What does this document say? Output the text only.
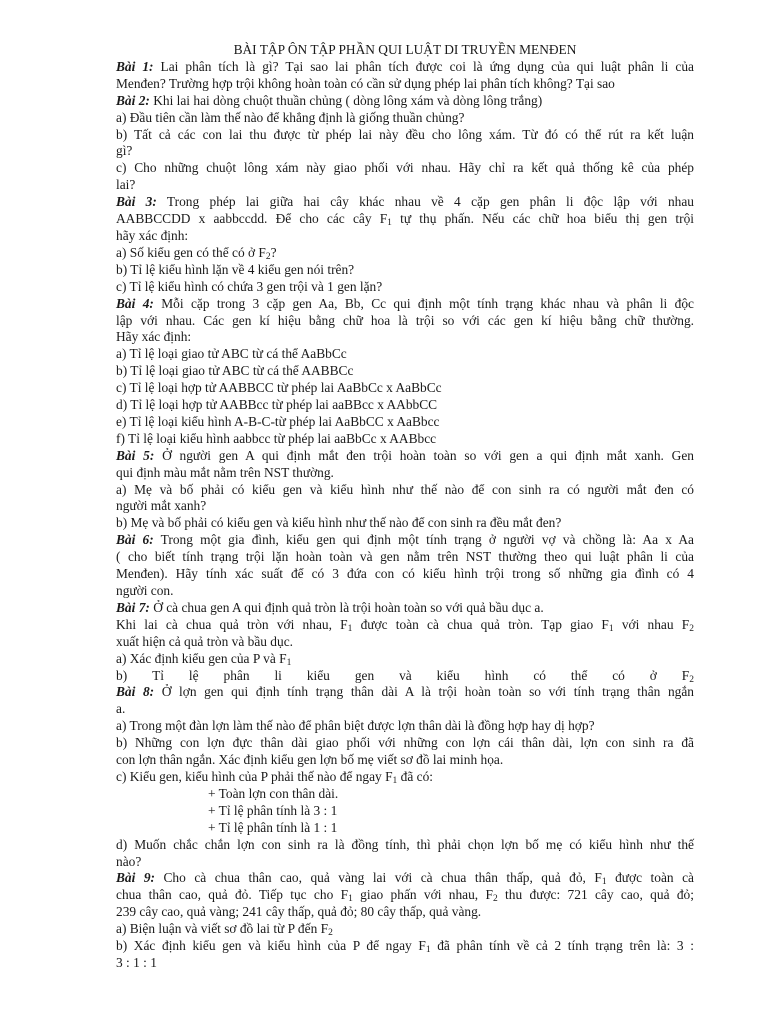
BÀI TẬP ÔN TẬP PHẦN QUI LUẬT DI TRUYỀN MENĐEN
Bài 1: Lai phân tích là gì? Tại sao lai phân tích được coi là ứng dụng của qui luật phân li của
Menđen? Trường hợp trội không hoàn toàn có cần sử dụng phép lai phân tích không? Tại sao
Bài 2: Khi lai hai dòng chuột thuần chủng ( dòng lông xám và dòng lông trắng)
a) Đầu tiên cần làm thế nào để khẳng định là giống thuần chủng?
b) Tất cả các con lai thu được từ phép lai này đều cho lông xám. Từ đó có thể rút ra kết luận
gì?
c) Cho những chuột lông xám này giao phối với nhau. Hãy chỉ ra kết quả thống kê của phép
lai?
Bài 3: Trong phép lai giữa hai cây khác nhau về 4 cặp gen phân li độc lập với nhau
AABBCCDD x aabbccdd. Để cho các cây $F_1$ tự thụ phấn. Nếu các chữ hoa biểu thị gen trội
hãy xác định:
a) Số kiểu gen có thể có ở $F_2$?
b) Tỉ lệ kiểu hình lặn về 4 kiểu gen nói trên?
c) Tỉ lệ kiểu hình có chứa 3 gen trội và 1 gen lặn?
Bài 4: Mỗi cặp trong 3 cặp gen Aa, Bb, Cc qui định một tính trạng khác nhau và phân li độc
lập với nhau. Các gen kí hiệu bằng chữ hoa là trội so với các gen kí hiệu bằng chữ thường.
Hãy xác định:
a) Tỉ lệ loại giao tử ABC từ cá thể AaBbCc
b) Tỉ lệ loại giao tử ABC từ cá thể AABBCc
c) Tỉ lệ loại hợp tử AABBCC từ phép lai AaBbCc x AaBbCc
d) Tỉ lệ loại hợp tử AABBcc từ phép lai aaBBcc x AAbbCC
e) Tỉ lệ loại kiểu hình A-B-C-từ phép lai AaBbCC x AaBbcc
f) Tỉ lệ loại kiểu hình aabbcc từ phép lai aaBbCc x AABbcc
Bài 5: Ở người gen A qui định mắt đen trội hoàn toàn so với gen a qui định mắt xanh. Gen
qui định màu mắt nằm trên NST thường.
a) Mẹ và bố phải có kiểu gen và kiểu hình như thế nào để con sinh ra có người mắt đen có
người mắt xanh?
b) Mẹ và bố phải có kiểu gen và kiểu hình như thế nào để con sinh ra đều mắt đen?
Bài 6: Trong một gia đình, kiểu gen qui định một tính trạng ở người vợ và chồng là: Aa x Aa
( cho biết tính trạng trội lặn hoàn toàn và gen nằm trên NST thường theo qui luật phân li của
Menđen). Hãy tính xác suất để có 3 đứa con có kiểu hình trội trong số những gia đình có 4
người con.
Bài 7: Ở cà chua gen A qui định quả tròn là trội hoàn toàn so với quả bầu dục a.
Khi lai cà chua quả tròn với nhau, $F_1$ được toàn cà chua quả tròn. Tạp giao $F_1$ với nhau $F_2$
xuất hiện cả quả tròn và bầu dục.
a) Xác định kiểu gen của P và $F_1$
b) Tỉ lệ phân li kiểu gen và kiểu hình có thể có ở $F_2$
Bài 8: Ở lợn gen qui định tính trạng thân dài A là trội hoàn toàn so với tính trạng thân ngắn
a.
a) Trong một đàn lợn làm thế nào để phân biệt được lợn thân dài là đồng hợp hay dị hợp?
b) Những con lợn đực thân dài giao phối với những con lợn cái thân dài, lợn con sinh ra đã
con lợn thân ngắn. Xác định kiểu gen lợn bố mẹ viết sơ đồ lai minh họa.
c) Kiểu gen, kiểu hình của P phải thế nào để ngay $F_1$ đã có:
+ Toàn lợn con thân dài.
+ Tỉ lệ phân tính là 3 : 1
+ Tỉ lệ phân tính là 1 : 1
d) Muốn chắc chắn lợn con sinh ra là đồng tính, thì phải chọn lợn bố mẹ có kiểu hình như thế
nào?
Bài 9: Cho cà chua thân cao, quả vàng lai với cà chua thân thấp, quả đỏ, $F_1$ được toàn cà
chua thân cao, quả đỏ. Tiếp tục cho $F_1$ giao phấn với nhau, $F_2$ thu được: 721 cây cao, quả đỏ;
239 cây cao, quả vàng; 241 cây thấp, quả đỏ; 80 cây thấp, quả vàng.
a) Biện luận và viết sơ đồ lai từ P đến $F_2$
b) Xác định kiểu gen và kiểu hình của P để ngay $F_1$ đã phân tính về cả 2 tính trạng trên là: 3 :
3 : 1 : 1
